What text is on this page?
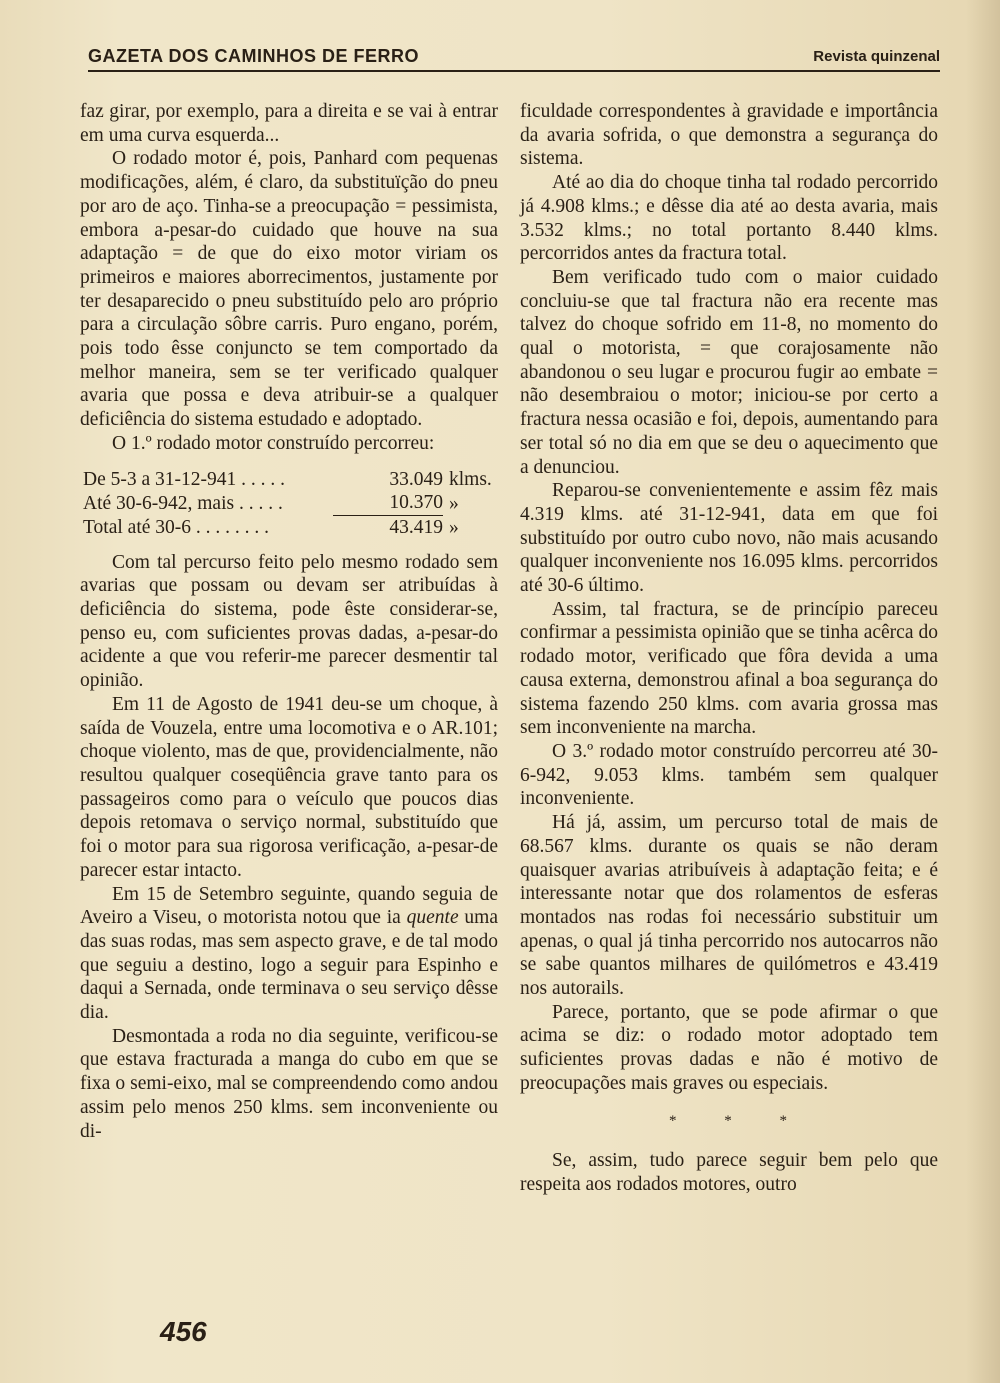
GAZETA DOS CAMINHOS DE FERRO	Revista quinzenal

faz girar, por exemplo, para a direita e se vai à entrar em uma curva esquerda...

O rodado motor é, pois, Panhard com pequenas modificações, além, é claro, da substituïção do pneu por aro de aço. Tinha-se a preocupação = pessimista, embora a-pesar-do cuidado que houve na sua adaptação = de que do eixo motor viriam os primeiros e maiores aborrecimentos, justamente por ter desaparecido o pneu substituído pelo aro próprio para a circulação sôbre carris. Puro engano, porém, pois todo êsse conjuncto se tem comportado da melhor maneira, sem se ter verificado qualquer avaria que possa e deva atribuir-se a qualquer deficiência do sistema estudado e adoptado.

O 1.º rodado motor construído percorreu:

De 5-3 a 31-12-941 . . . . .	33.049	klms.
Até 30-6-942, mais . . . . .	10.370	»
Total até 30-6 . . . . . . . .	43.419	»

Com tal percurso feito pelo mesmo rodado sem avarias que possam ou devam ser atribuídas à deficiência do sistema, pode êste considerar-se, penso eu, com suficientes provas dadas, a-pesar-do acidente a que vou referir-me parecer desmentir tal opinião.

Em 11 de Agosto de 1941 deu-se um choque, à saída de Vouzela, entre uma locomotiva e o AR.101; choque violento, mas de que, providencialmente, não resultou qualquer coseqüência grave tanto para os passageiros como para o veículo que poucos dias depois retomava o serviço normal, substituído que foi o motor para sua rigorosa verificação, a-pesar-de parecer estar intacto.

Em 15 de Setembro seguinte, quando seguia de Aveiro a Viseu, o motorista notou que ia quente uma das suas rodas, mas sem aspecto grave, e de tal modo que seguiu a destino, logo a seguir para Espinho e daqui a Sernada, onde terminava o seu serviço dêsse dia.

Desmontada a roda no dia seguinte, verificou-se que estava fracturada a manga do cubo em que se fixa o semi-eixo, mal se compreendendo como andou assim pelo menos 250 klms. sem inconveniente ou di-

ficuldade correspondentes à gravidade e importância da avaria sofrida, o que demonstra a segurança do sistema.

Até ao dia do choque tinha tal rodado percorrido já 4.908 klms.; e dêsse dia até ao desta avaria, mais 3.532 klms.; no total portanto 8.440 klms. percorridos antes da fractura total.

Bem verificado tudo com o maior cuidado concluiu-se que tal fractura não era recente mas talvez do choque sofrido em 11-8, no momento do qual o motorista, = que corajosamente não abandonou o seu lugar e procurou fugir ao embate = não desembraiou o motor; iniciou-se por certo a fractura nessa ocasião e foi, depois, aumentando para ser total só no dia em que se deu o aquecimento que a denunciou.

Reparou-se convenientemente e assim fêz mais 4.319 klms. até 31-12-941, data em que foi substituído por outro cubo novo, não mais acusando qualquer inconveniente nos 16.095 klms. percorridos até 30-6 último.

Assim, tal fractura, se de princípio pareceu confirmar a pessimista opinião que se tinha acêrca do rodado motor, verificado que fôra devida a uma causa externa, demonstrou afinal a boa segurança do sistema fazendo 250 klms. com avaria grossa mas sem inconveniente na marcha.

O 3.º rodado motor construído percorreu até 30-6-942, 9.053 klms. também sem qualquer inconveniente.

Há já, assim, um percurso total de mais de 68.567 klms. durante os quais se não deram quaisquer avarias atribuíveis à adaptação feita; e é interessante notar que dos rolamentos de esferas montados nas rodas foi necessário substituir um apenas, o qual já tinha percorrido nos autocarros não se sabe quantos milhares de quilómetros e 43.419 nos autorails.

Parece, portanto, que se pode afirmar o que acima se diz: o rodado motor adoptado tem suficientes provas dadas e não é motivo de preocupações mais graves ou especiais.

* * *

Se, assim, tudo parece seguir bem pelo que respeita aos rodados motores, outro

456
